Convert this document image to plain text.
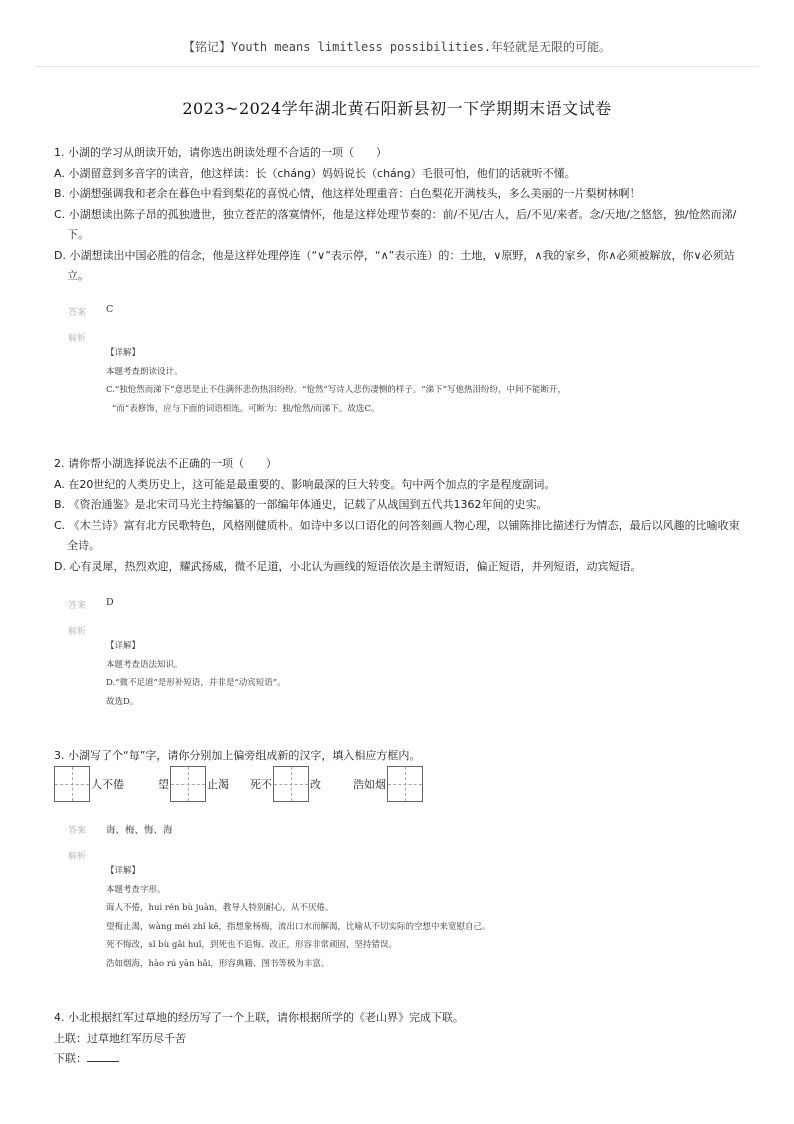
【铭记】Youth means limitless possibilities.年轻就是无限的可能。
2023~2024学年湖北黄石阳新县初一下学期期末语文试卷

1. 小湖的学习从朗读开始，请你选出朗读处理不合适的一项（　　）

A. 小湖留意到多音字的读音，他这样读：长（cháng）妈妈说长（cháng）毛很可怕，他们的话就听不懂。

B. 小湖想强调我和老余在暮色中看到梨花的喜悦心情，他这样处理重音：白色梨花开满枝头，多么美丽的一片梨树林啊！

C. 小湖想读出陈子昂的孤独遗世，独立苍茫的落寞情怀，他是这样处理节奏的：前/不见/古人，后/不见/来者。念/天地/之悠悠，独/怆然而涕/下。

D. 小湖想读出中国必胜的信念，他是这样处理停连（“∨”表示停，“∧”表示连）的：土地，∨原野，∧我的家乡，你∧必须被解放，你∨必须站立。

答案 C
解析

【详解】

本题考查朗读设计。

C.“独怆然而涕下”意思是止不住满怀悲伤热泪纷纷。“怆然”写诗人悲伤凄恻的样子。“涕下”写他热泪纷纷，中间不能断开，

“而”表修饰，应与下面的词语相连。可断为：独/怆然/而涕下。故选C。

2. 请你帮小湖选择说法不正确的一项（　　）

A. 在20世纪的人类历史上，这可能是最重要的、影响最深的巨大转变。句中两个加点的字是程度副词。

B. 《资治通鉴》是北宋司马光主持编纂的一部编年体通史，记载了从战国到五代共1362年间的史实。

C. 《木兰诗》富有北方民歌特色，风格刚健质朴。如诗中多以口语化的问答刻画人物心理，以铺陈排比描述行为情态，最后以风趣的比喻收束全诗。

D. 心有灵犀，热烈欢迎，耀武扬威，微不足道，小北认为画线的短语依次是主谓短语，偏正短语，并列短语，动宾短语。

答案 D
解析

【详解】

本题考查语法知识。

D.“微不足道”是形补短语，并非是“动宾短语”。

故选D。

3. 小湖写了个“每”字，请你分别加上偏旁组成新的汉字，填入相应方框内。

人不倦	望	止渴 死不	改	浩如烟
答案 诲、梅、悔、海
解析

【详解】

本题考查字形。

诲人不倦，huì rén bù juàn，教导人特别耐心，从不厌倦。

望梅止渴，wàng méi zhǐ kě，指想象杨梅，流出口水而解渴，比喻从不切实际的空想中来宽慰自己。

死不悔改，sǐ bù gǎi huǐ，到死也不追悔、改正，形容非常顽固，坚持错误。

浩如烟海，hào rú yān hǎi，形容典籍、图书等极为丰富。

4. 小北根据红军过草地的经历写了一个上联，请你根据所学的《老山界》完成下联。

上联：过草地红军历尽千苦

下联：
